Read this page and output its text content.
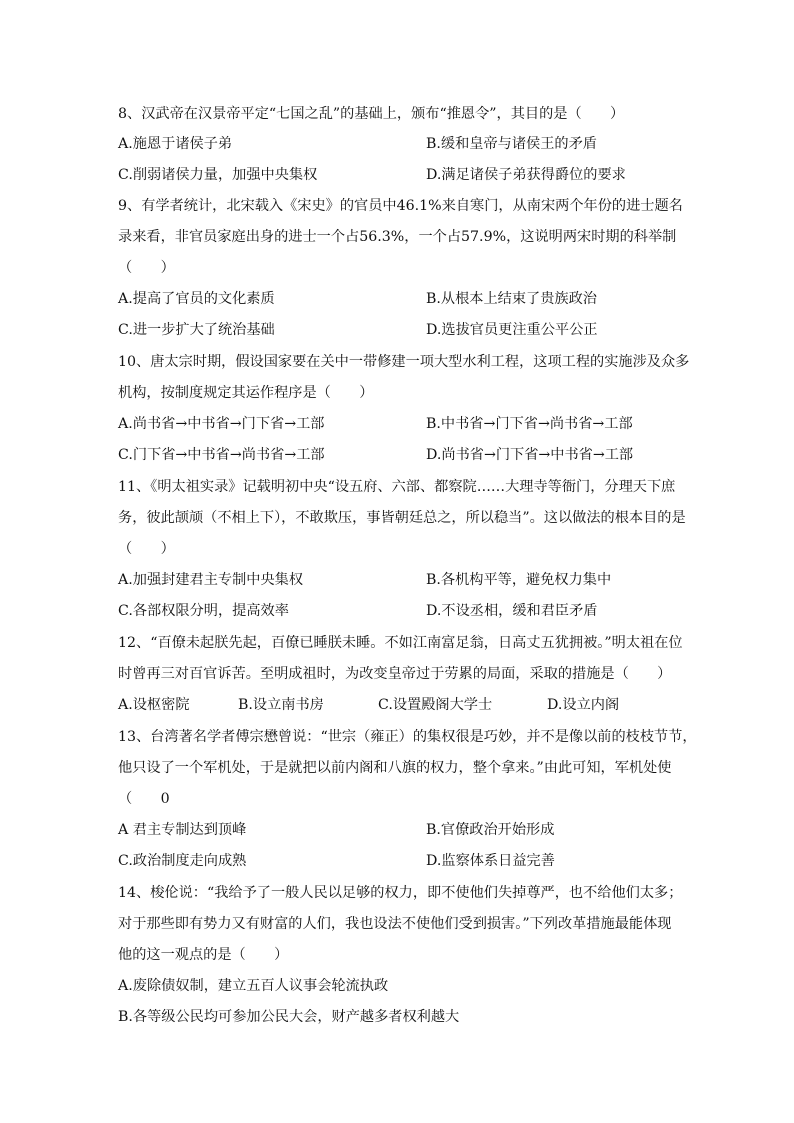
8、汉武帝在汉景帝平定“七国之乱”的基础上，颁布“推恩令”，其目的是（　　）
A.施恩于诸侯子弟	B.缓和皇帝与诸侯王的矛盾
C.削弱诸侯力量，加强中央集权	D.满足诸侯子弟获得爵位的要求
9、有学者统计，北宋载入《宋史》的官员中46.1%来自寒门，从南宋两个年份的进士题名
录来看，非官员家庭出身的进士一个占56.3%，一个占57.9%，这说明两宋时期的科举制
（　　）
A.提高了官员的文化素质	B.从根本上结束了贵族政治
C.进一步扩大了统治基础	D.选拔官员更注重公平公正
10、唐太宗时期，假设国家要在关中一带修建一项大型水利工程，这项工程的实施涉及众多
机构，按制度规定其运作程序是（　　）
A.尚书省→中书省→门下省→工部	B.中书省→门下省→尚书省→工部
C.门下省→中书省→尚书省→工部	D.尚书省→门下省→中书省→工部
11、《明太祖实录》记载明初中央“设五府、六部、都察院……大理寺等衙门，分理天下庶
务，彼此颉颃（不相上下），不敢欺压，事皆朝廷总之，所以稳当”。这以做法的根本目的是
（　　）
A.加强封建君主专制中央集权	B.各机构平等，避免权力集中
C.各部权限分明，提高效率	D.不设丞相，缓和君臣矛盾
12、“百僚未起朕先起，百僚已睡朕未睡。不如江南富足翁，日高丈五犹拥被。”明太祖在位
时曾再三对百官诉苦。至明成祖时，为改变皇帝过于劳累的局面，采取的措施是（　　）
A.设枢密院	B.设立南书房	C.设置殿阁大学士	D.设立内阁
13、台湾著名学者傅宗懋曾说：“世宗（雍正）的集权很是巧妙，并不是像以前的枝枝节节，
他只设了一个军机处，于是就把以前内阁和八旗的权力，整个拿来。”由此可知，军机处使
（　　0
A 君主专制达到顶峰	B.官僚政治开始形成
C.政治制度走向成熟	D.监察体系日益完善
14、梭伦说：“我给予了一般人民以足够的权力，即不使他们失掉尊严，也不给他们太多；
对于那些即有势力又有财富的人们，我也设法不使他们受到损害。”下列改革措施最能体现
他的这一观点的是（　　）
A.废除债奴制，建立五百人议事会轮流执政
B.各等级公民均可参加公民大会，财产越多者权利越大
